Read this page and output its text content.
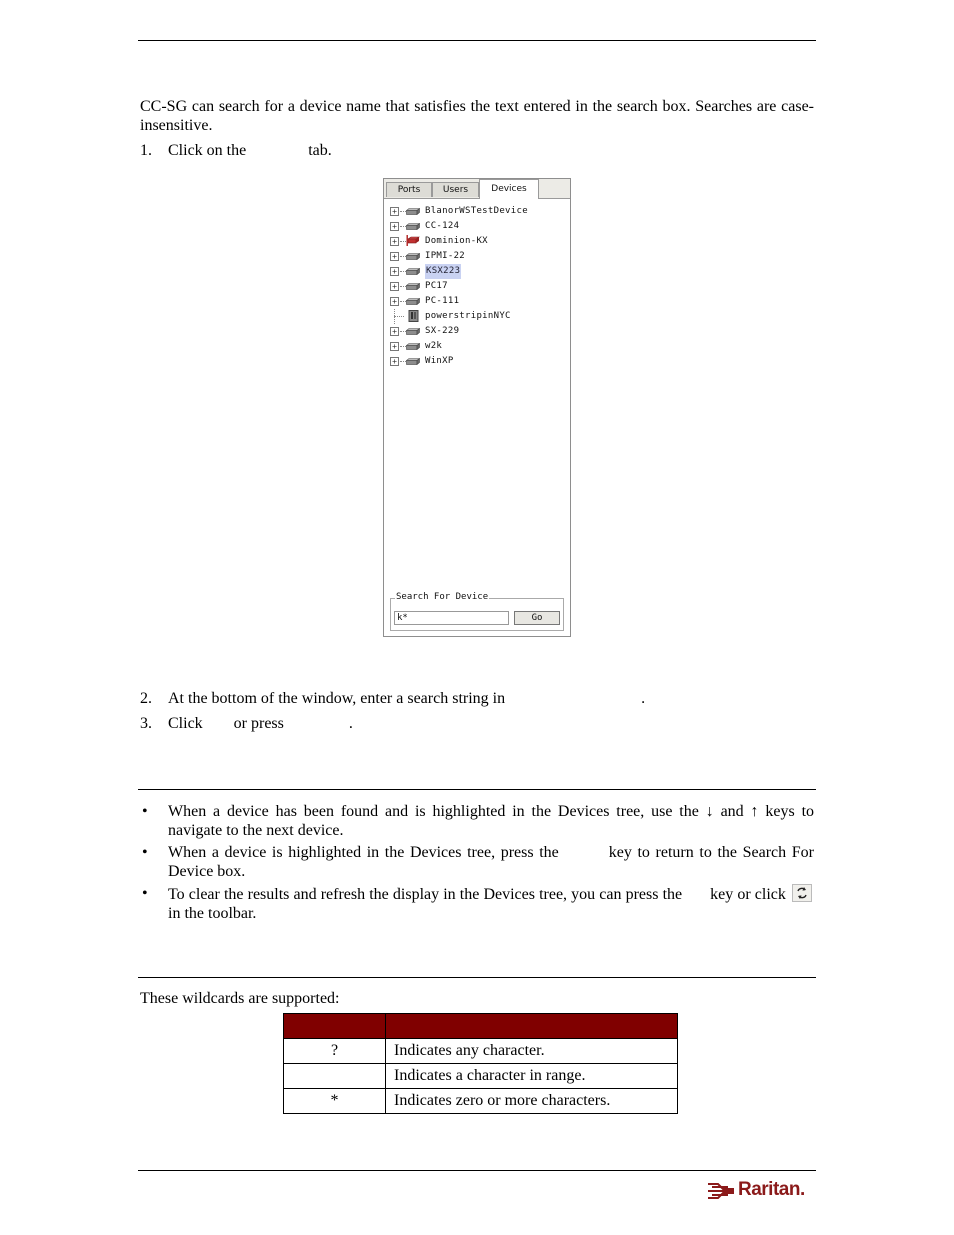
CC-SG can search for a device name that satisfies the text entered in the search box. Searches are case-insensitive.
1. Click on the	tab.
Ports	Users	Devices
+	BlanorWSTestDevice
+	CC-124
+	Dominion-KX
+	IPMI-22
+	KSX223
+	PC17
+	PC-111
powerstripinNYC
+	SX-229
+	w2k
+	WinXP
Search For Device
k*	Go
2. At the bottom of the window, enter a search string in	.
3. Click or press	.
• When a device has been found and is highlighted in the Devices tree, use the ↓ and ↑ keys to navigate to the next device.
• When a device is highlighted in the Devices tree, press the	key to return to the Search For Device box.
• To clear the results and refresh the display in the Devices tree, you can press the key or click
in the toolbar.
These wildcards are supported:

?	Indicates any character.
	Indicates a character in range.
*	Indicates zero or more characters.
Raritan.
